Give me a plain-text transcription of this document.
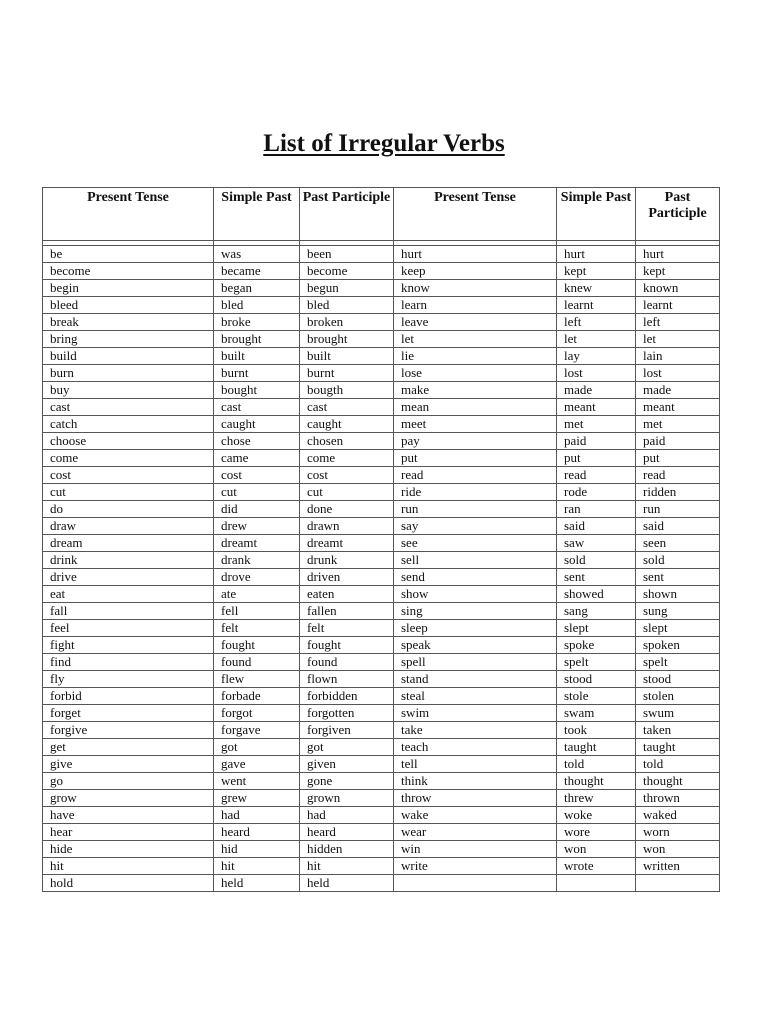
List of Irregular Verbs
Present Tense	Simple Past	Past Participle	Present Tense	Simple Past	Past Participle

be	was	been	hurt	hurt	hurt
become	became	become	keep	kept	kept
begin	began	begun	know	knew	known
bleed	bled	bled	learn	learnt	learnt
break	broke	broken	leave	left	left
bring	brought	brought	let	let	let
build	built	built	lie	lay	lain
burn	burnt	burnt	lose	lost	lost
buy	bought	bougth	make	made	made
cast	cast	cast	mean	meant	meant
catch	caught	caught	meet	met	met
choose	chose	chosen	pay	paid	paid
come	came	come	put	put	put
cost	cost	cost	read	read	read
cut	cut	cut	ride	rode	ridden
do	did	done	run	ran	run
draw	drew	drawn	say	said	said
dream	dreamt	dreamt	see	saw	seen
drink	drank	drunk	sell	sold	sold
drive	drove	driven	send	sent	sent
eat	ate	eaten	show	showed	shown
fall	fell	fallen	sing	sang	sung
feel	felt	felt	sleep	slept	slept
fight	fought	fought	speak	spoke	spoken
find	found	found	spell	spelt	spelt
fly	flew	flown	stand	stood	stood
forbid	forbade	forbidden	steal	stole	stolen
forget	forgot	forgotten	swim	swam	swum
forgive	forgave	forgiven	take	took	taken
get	got	got	teach	taught	taught
give	gave	given	tell	told	told
go	went	gone	think	thought	thought
grow	grew	grown	throw	threw	thrown
have	had	had	wake	woke	waked
hear	heard	heard	wear	wore	worn
hide	hid	hidden	win	won	won
hit	hit	hit	write	wrote	written
hold	held	held			
